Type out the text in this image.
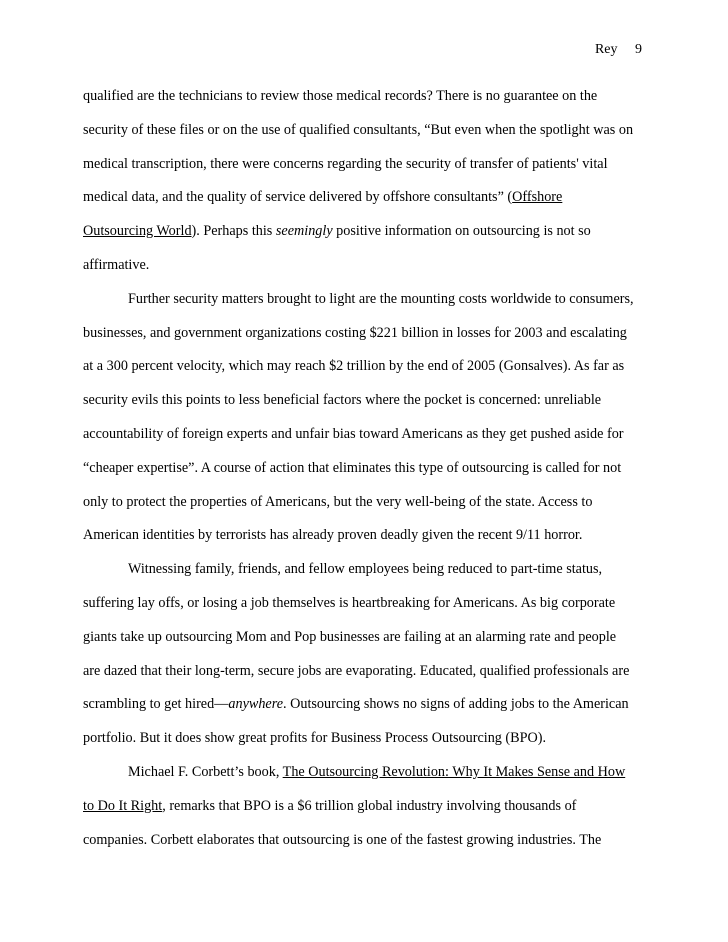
Rey 9
qualified are the technicians to review those medical records? There is no guarantee on the
security of these files or on the use of qualified consultants, “But even when the spotlight was on
medical transcription, there were concerns regarding the security of transfer of patients' vital
medical data, and the quality of service delivered by offshore consultants” (Offshore
Outsourcing World). Perhaps this seemingly positive information on outsourcing is not so
affirmative.
Further security matters brought to light are the mounting costs worldwide to consumers,
businesses, and government organizations costing $221 billion in losses for 2003 and escalating
at a 300 percent velocity, which may reach $2 trillion by the end of 2005 (Gonsalves). As far as
security evils this points to less beneficial factors where the pocket is concerned: unreliable
accountability of foreign experts and unfair bias toward Americans as they get pushed aside for
“cheaper expertise”. A course of action that eliminates this type of outsourcing is called for not
only to protect the properties of Americans, but the very well-being of the state. Access to
American identities by terrorists has already proven deadly given the recent 9/11 horror.
Witnessing family, friends, and fellow employees being reduced to part-time status,
suffering lay offs, or losing a job themselves is heartbreaking for Americans. As big corporate
giants take up outsourcing Mom and Pop businesses are failing at an alarming rate and people
are dazed that their long-term, secure jobs are evaporating. Educated, qualified professionals are
scrambling to get hired—anywhere. Outsourcing shows no signs of adding jobs to the American
portfolio. But it does show great profits for Business Process Outsourcing (BPO).
Michael F. Corbett’s book, The Outsourcing Revolution: Why It Makes Sense and How
to Do It Right, remarks that BPO is a $6 trillion global industry involving thousands of
companies. Corbett elaborates that outsourcing is one of the fastest growing industries. The
